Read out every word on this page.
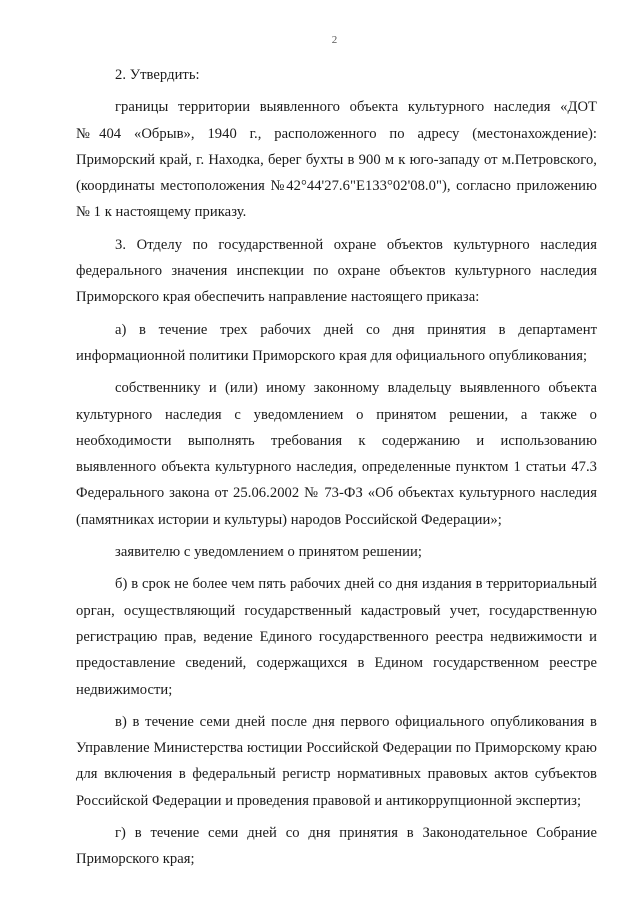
2

2. Утвердить:

границы территории выявленного объекта культурного наследия «ДОТ №404 «Обрыв», 1940 г., расположенного по адресу (местонахождение): Приморский край, г. Находка, берег бухты в 900 м к юго-западу от м.Петровского, (координаты местоположения №42°44'27.6"E133°02'08.0"), согласно приложению № 1 к настоящему приказу.

3. Отделу по государственной охране объектов культурного наследия федерального значения инспекции по охране объектов культурного наследия Приморского края обеспечить направление настоящего приказа:

а) в течение трех рабочих дней со дня принятия в департамент информационной политики Приморского края для официального опубликования;

собственнику и (или) иному законному владельцу выявленного объекта культурного наследия с уведомлением о принятом решении, а также о необходимости выполнять требования к содержанию и использованию выявленного объекта культурного наследия, определенные пунктом 1 статьи 47.3 Федерального закона от 25.06.2002 № 73-ФЗ «Об объектах культурного наследия (памятниках истории и культуры) народов Российской Федерации»;

заявителю с уведомлением о принятом решении;

б) в срок не более чем пять рабочих дней со дня издания в территориальный орган, осуществляющий государственный кадастровый учет, государственную регистрацию прав, ведение Единого государственного реестра недвижимости и предоставление сведений, содержащихся в Едином государственном реестре недвижимости;

в) в течение семи дней после дня первого официального опубликования в Управление Министерства юстиции Российской Федерации по Приморскому краю для включения в федеральный регистр нормативных правовых актов субъектов Российской Федерации и проведения правовой и антикоррупционной экспертиз;

г) в течение семи дней со дня принятия в Законодательное Собрание Приморского края;
